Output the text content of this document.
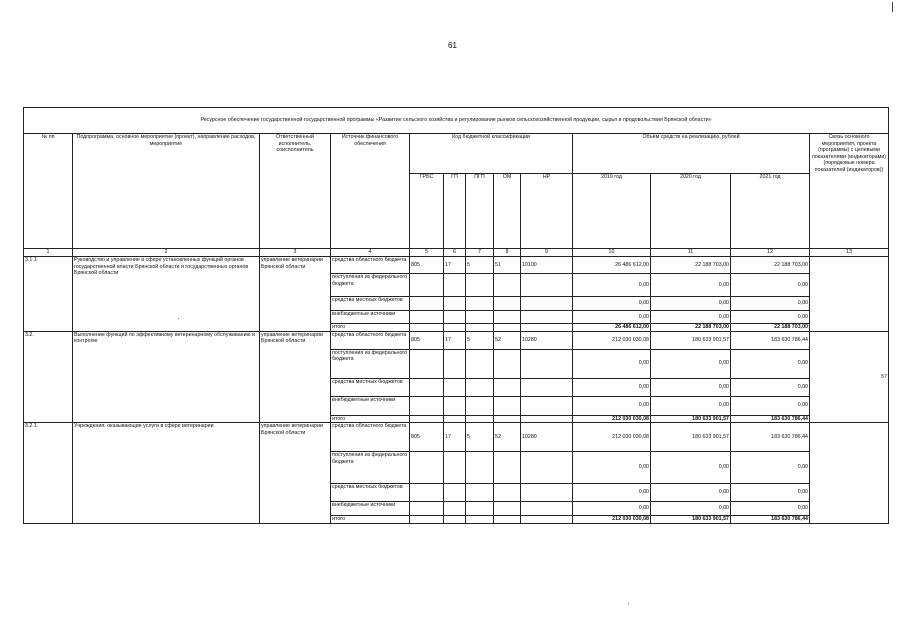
61
Ресурсное обеспечение государственной государственной программы «Развитие сельского хозяйства и регулирование рынков сельскохозяйственной продукции, сырья и продовольствия Брянской области»												
№ пп	Подпрограмма, основное мероприятие (проект), направление расходов, мероприятие	Ответственный исполнитель, соисполнитель	Источник финансового обеспечения	Код бюджетной классификации					Объём средств на реализацию, рублей			Связь основного мероприятия, проекта (программы) с целевыми показателями (индикаторами) (порядковые номера показателей (индикаторов))
				ГРБС	ГП	ПГП	ОМ	НР	2019 год	2020 год	2021 год	
1	2	3	4	5	6	7	8	9	10	11	12	13
3.1.1.	Руководство и управление в сфере установленных функций органов государственной власти Брянской области и государственных органов Брянской области	управление ветеринарии Брянской области	средства областного бюджета	805	17	5	51	10100	26 486 612,00	22 188 703,00	22 188 703,00	
			поступления из федерального бюджета						0,00	0,00	0,00	
			средства местных бюджетов						0,00	0,00	0,00	
			внебюджетные источники						0,00	0,00	0,00	
			итого						26 486 612,00	22 188 703,00	22 188 703,00	
3.2.	Выполнение функций по эффективному ветеринарному обслуживанию и контролю	управление ветеринарии Брянской области	средства областного бюджета	805	17	5	52	10280	212 030 030,08	180 633 901,57	183 630 786,44	57
			поступления из федерального бюджета						0,00	0,00	0,00	
			средства местных бюджетов						0,00	0,00	0,00	
			внебюджетные источники						0,00	0,00	0,00	
			итого						212 030 030,08	180 633 901,57	183 630 786,44	
3.2.1.	Учреждения, оказывающие услуги в сфере ветеринарии	управление ветеринарии Брянской области	средства областного бюджета	805	17	5	52	10280	212 030 030,08	180 633 901,57	183 630 786,44	
			поступления из федерального бюджета						0,00	0,00	0,00	
			средства местных бюджетов						0,00	0,00	0,00	
			внебюджетные источники						0,00	0,00	0,00	
			итого						212 030 030,08	180 633 901,57	183 630 786,44	
